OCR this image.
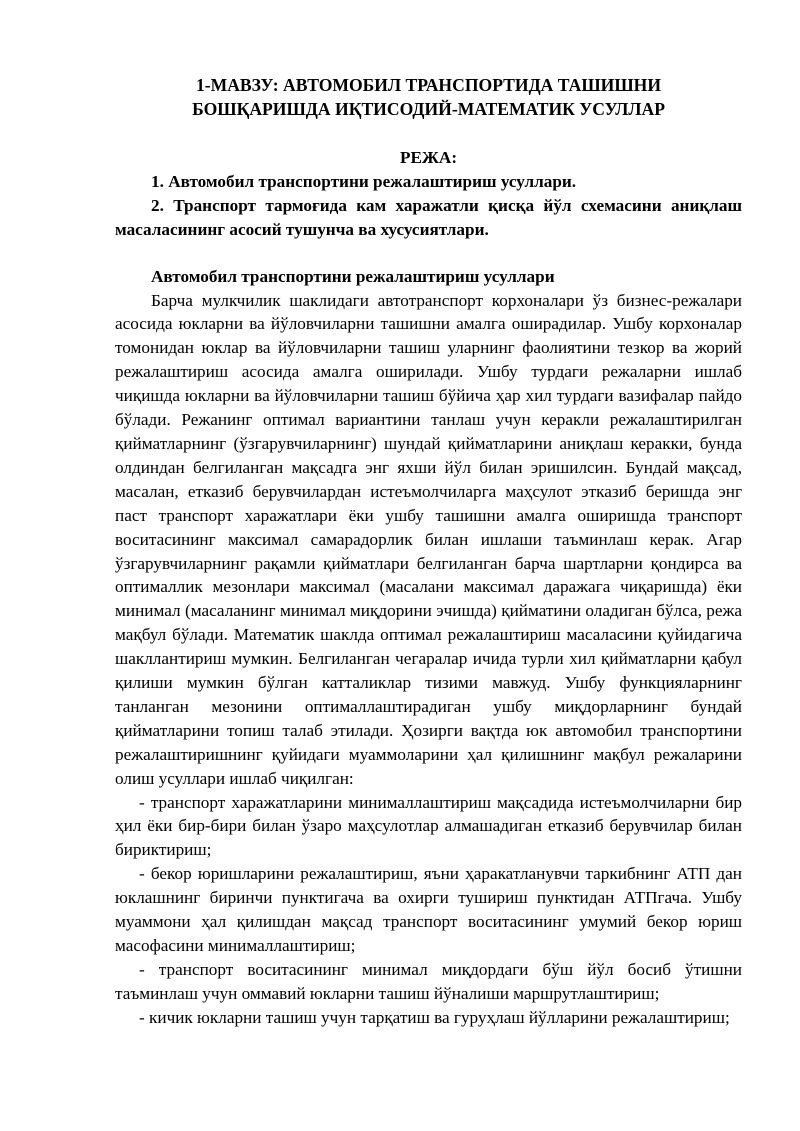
1-МАВЗУ: АВТОМОБИЛ ТРАНСПОРТИДА ТАШИШНИ
БОШҚАРИШДА ИҚТИСОДИЙ-МАТЕМАТИК УСУЛЛАР

РЕЖА:

1. Автомобил транспортини режалаштириш усуллари.

2. Транспорт тармоғида кам харажатли қисқа йўл схемасини аниқлаш масаласининг асосий тушунча ва хусусиятлари.

Автомобил транспортини режалаштириш усуллари

Барча мулкчилик шаклидаги автотранспорт корхоналари ўз бизнес-режалари асосида юкларни ва йўловчиларни ташишни амалга оширадилар. Ушбу корхоналар томонидан юклар ва йўловчиларни ташиш уларнинг фаолиятини тезкор ва жорий режалаштириш асосида амалга оширилади. Ушбу турдаги режаларни ишлаб чиқишда юкларни ва йўловчиларни ташиш бўйича ҳар хил турдаги вазифалар пайдо бўлади. Режанинг оптимал вариантини танлаш учун керакли режалаштирилган қийматларнинг (ўзгарувчиларнинг) шундай қийматларини аниқлаш керакки, бунда олдиндан белгиланган мақсадга энг яхши йўл билан эришилсин. Бундай мақсад, масалан, етказиб берувчилардан истеъмолчиларга маҳсулот этказиб беришда энг паст транспорт харажатлари ёки ушбу ташишни амалга оширишда транспорт воситасининг максимал самарадорлик билан ишлаши таъминлаш керак. Агар ўзгарувчиларнинг рақамли қийматлари белгиланган барча шартларни қондирса ва оптималлик мезонлари максимал (масалани максимал даражага чиқаришда) ёки минимал (масаланинг минимал миқдорини эчишда) қийматини оладиган бўлса, режа мақбул бўлади. Математик шаклда оптимал режалаштириш масаласини қуйидагича шакллантириш мумкин. Белгиланган чегаралар ичида турли хил қийматларни қабул қилиши мумкин бўлган катталиклар тизими мавжуд. Ушбу функцияларнинг танланган мезонини оптималлаштирадиган ушбу миқдорларнинг бундай қийматларини топиш талаб этилади. Ҳозирги вақтда юк автомобил транспортини режалаштиришнинг қуйидаги муаммоларини ҳал қилишнинг мақбул режаларини олиш усуллари ишлаб чиқилган:

- транспорт харажатларини минималлаштириш мақсадида истеъмолчиларни бир ҳил ёки бир-бири билан ўзаро маҳсулотлар алмашадиган етказиб берувчилар билан бириктириш;

- бекор юришларини режалаштириш, яъни ҳаракатланувчи таркибнинг АТП дан юклашнинг биринчи пунктигача ва охирги тушириш пунктидан АТПгача. Ушбу муаммони ҳал қилишдан мақсад транспорт воситасининг умумий бекор юриш масофасини минималлаштириш;

- транспорт воситасининг минимал миқдордаги бўш йўл босиб ўтишни таъминлаш учун оммавий юкларни ташиш йўналиши маршрутлаштириш;

- кичик юкларни ташиш учун тарқатиш ва гуруҳлаш йўлларини режалаштириш;
